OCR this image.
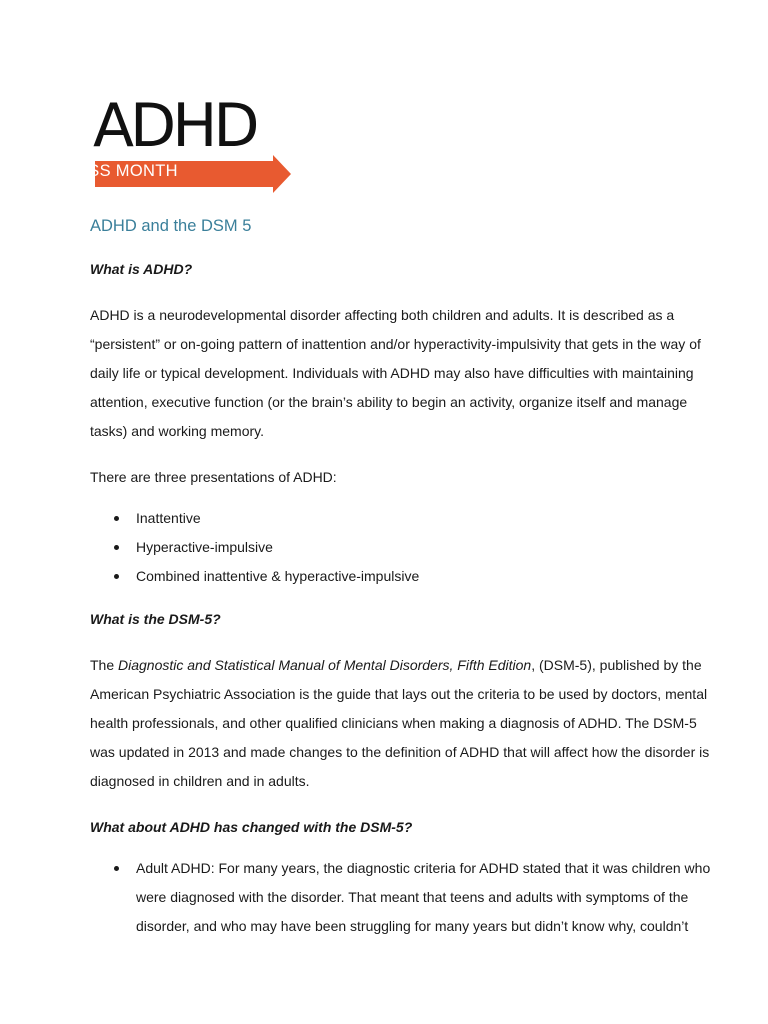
ADHD
AWARENESS MONTH
ADHD and the DSM 5

What is ADHD?

ADHD is a neurodevelopmental disorder affecting both children and adults. It is described as a “persistent” or on-going pattern of inattention and/or hyperactivity-impulsivity that gets in the way of daily life or typical development. Individuals with ADHD may also have difficulties with maintaining attention, executive function (or the brain’s ability to begin an activity, organize itself and manage tasks) and working memory.

There are three presentations of ADHD:

Inattentive
Hyperactive-impulsive
Combined inattentive & hyperactive-impulsive

What is the DSM-5?

The Diagnostic and Statistical Manual of Mental Disorders, Fifth Edition, (DSM-5), published by the American Psychiatric Association is the guide that lays out the criteria to be used by doctors, mental health professionals, and other qualified clinicians when making a diagnosis of ADHD. The DSM-5 was updated in 2013 and made changes to the definition of ADHD that will affect how the disorder is diagnosed in children and in adults.

What about ADHD has changed with the DSM-5?

Adult ADHD: For many years, the diagnostic criteria for ADHD stated that it was children who were diagnosed with the disorder. That meant that teens and adults with symptoms of the disorder, and who may have been struggling for many years but didn’t know why, couldn’t
